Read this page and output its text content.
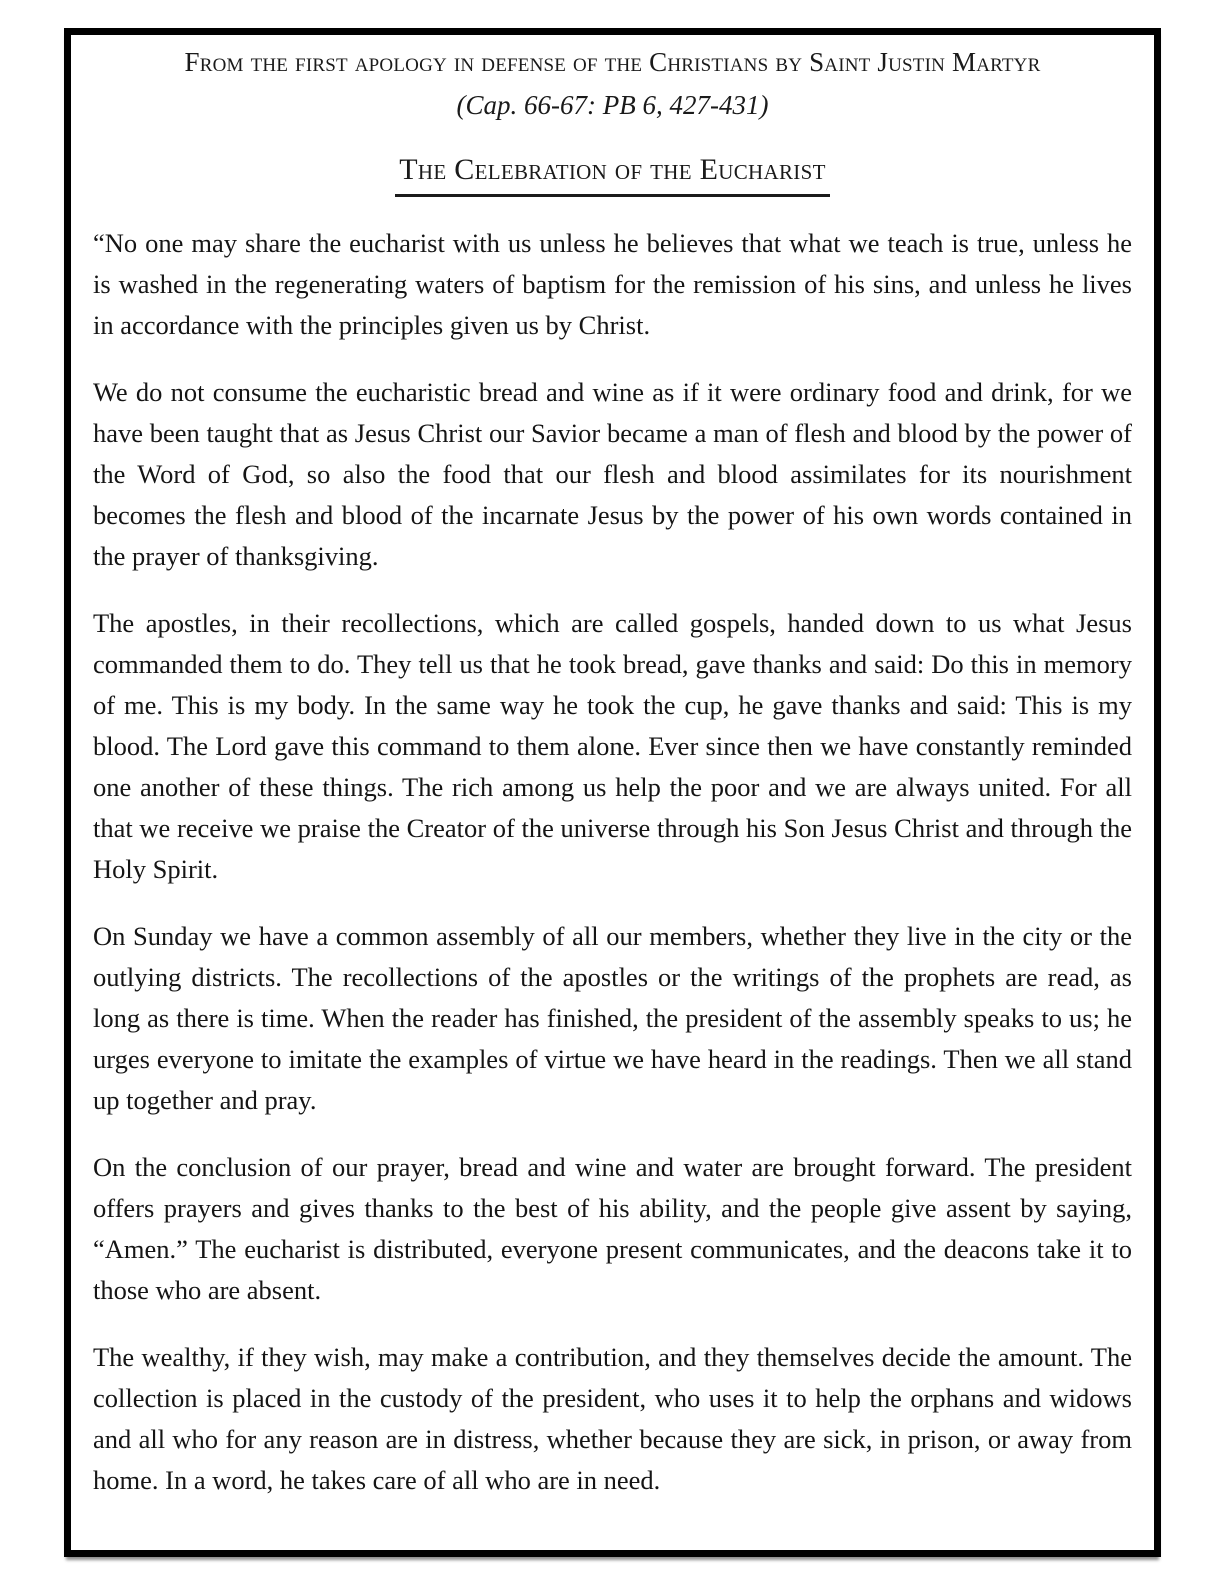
From the first apology in defense of the Christians by Saint Justin Martyr
(Cap. 66-67: PB 6, 427-431)
The Celebration of the Eucharist

“No one may share the eucharist with us unless he believes that what we teach is true, unless he is washed in the regenerating waters of baptism for the remission of his sins, and unless he lives in accordance with the principles given us by Christ.

We do not consume the eucharistic bread and wine as if it were ordinary food and drink, for we have been taught that as Jesus Christ our Savior became a man of flesh and blood by the power of the Word of God, so also the food that our flesh and blood assimilates for its nourishment becomes the flesh and blood of the incarnate Jesus by the power of his own words contained in the prayer of thanksgiving.

The apostles, in their recollections, which are called gospels, handed down to us what Jesus commanded them to do. They tell us that he took bread, gave thanks and said: Do this in memory of me. This is my body. In the same way he took the cup, he gave thanks and said: This is my blood. The Lord gave this command to them alone. Ever since then we have constantly reminded one another of these things. The rich among us help the poor and we are always united. For all that we receive we praise the Creator of the universe through his Son Jesus Christ and through the Holy Spirit.

On Sunday we have a common assembly of all our members, whether they live in the city or the outlying districts. The recollections of the apostles or the writings of the prophets are read, as long as there is time. When the reader has finished, the president of the assembly speaks to us; he urges everyone to imitate the examples of virtue we have heard in the readings. Then we all stand up together and pray.

On the conclusion of our prayer, bread and wine and water are brought forward. The president offers prayers and gives thanks to the best of his ability, and the people give assent by saying, “Amen.” The eucharist is distributed, everyone present communicates, and the deacons take it to those who are absent.

The wealthy, if they wish, may make a contribution, and they themselves decide the amount. The collection is placed in the custody of the president, who uses it to help the orphans and widows and all who for any reason are in distress, whether because they are sick, in prison, or away from home. In a word, he takes care of all who are in need.
